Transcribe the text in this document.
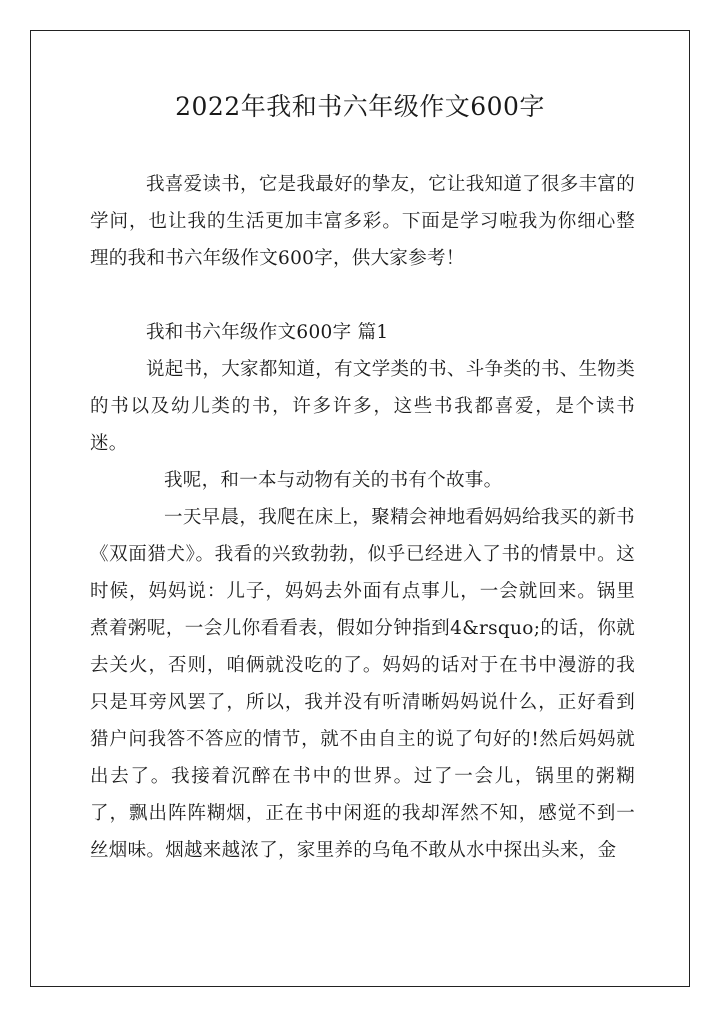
2022年我和书六年级作文600字

我喜爱读书，它是我最好的挚友，它让我知道了很多丰富的学问，也让我的生活更加丰富多彩。下面是学习啦我为你细心整理的我和书六年级作文600字，供大家参考！

我和书六年级作文600字 篇1

说起书，大家都知道，有文学类的书、斗争类的书、生物类的书以及幼儿类的书，许多许多，这些书我都喜爱，是个读书迷。

我呢，和一本与动物有关的书有个故事。

一天早晨，我爬在床上，聚精会神地看妈妈给我买的新书《双面猎犬》。我看的兴致勃勃，似乎已经进入了书的情景中。这时候，妈妈说：儿子，妈妈去外面有点事儿，一会就回来。锅里煮着粥呢，一会儿你看看表，假如分钟指到4&rsquo;的话，你就去关火，否则，咱俩就没吃的了。妈妈的话对于在书中漫游的我只是耳旁风罢了，所以，我并没有听清晰妈妈说什么，正好看到猎户问我答不答应的情节，就不由自主的说了句好的!然后妈妈就出去了。我接着沉醉在书中的世界。过了一会儿，锅里的粥糊了，飘出阵阵糊烟，正在书中闲逛的我却浑然不知，感觉不到一丝烟味。烟越来越浓了，家里养的乌龟不敢从水中探出头来，金
